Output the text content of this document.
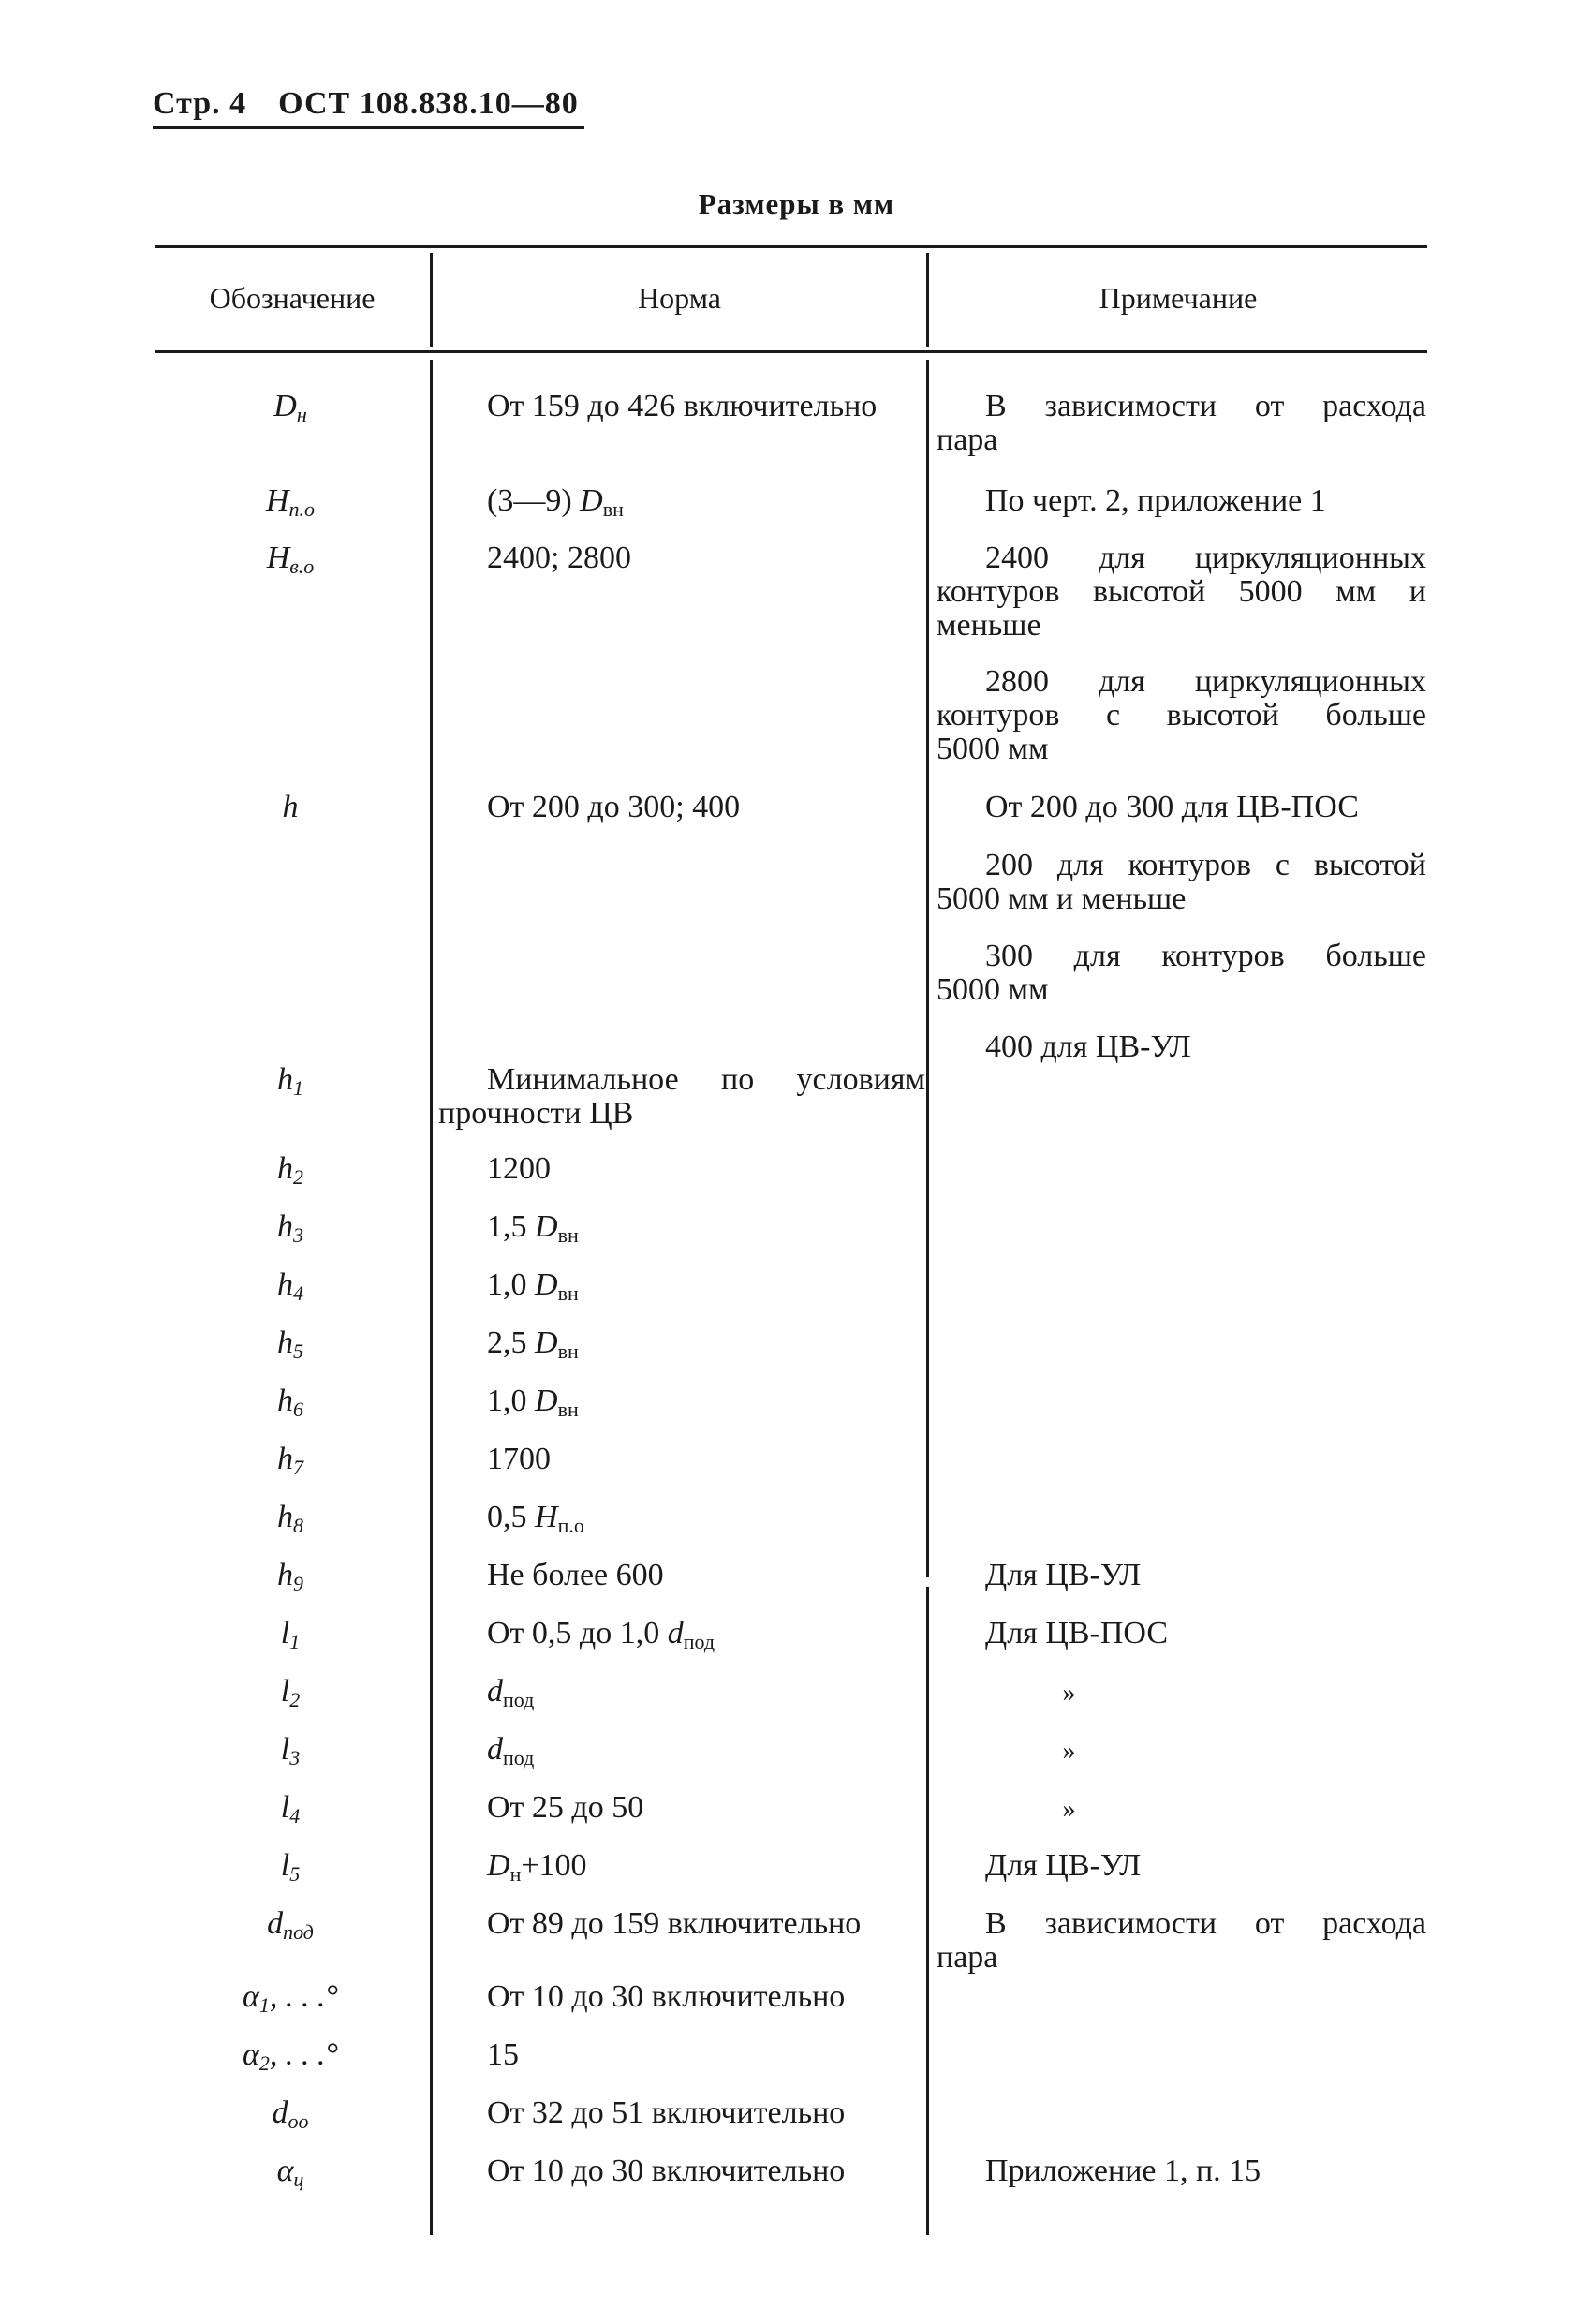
Стр. 4 ОСТ 108.838.10—80
Размеры в мм
Обозначение	Норма	Примечание
$D_н$	От 159 до 426 включительно	В зависимости от расхода
пара
$H_{п.о}$	(3—9) $D_{вн}$	По черт. 2, приложение 1
$H_{в.о}$	2400; 2800	2400 для циркуляционных
контуров высотой 5000 мм и
меньше
2800 для циркуляционных
контуров с высотой больше
5000 мм
h	От 200 до 300; 400	От 200 до 300 для ЦВ-ПОС
200 для контуров с высотой
5000 мм и меньше
300 для контуров больше
5000 мм
400 для ЦВ-УЛ
$h_1$	Минимальное по условиям
прочности ЦВ
$h_2$	1200
$h_3$	1,5 $D_{вн}$
$h_4$	1,0 $D_{вн}$
$h_5$	2,5 $D_{вн}$
$h_6$	1,0 $D_{вн}$
$h_7$	1700
$h_8$	0,5 $H_{п.о}$
$h_9$	Не более 600	Для ЦВ-УЛ
$l_1$	От 0,5 до 1,0 $d_{под}$	Для ЦВ-ПОС
$l_2$	$d_{под}$	»
$l_3$	$d_{под}$	»
$l_4$	От 25 до 50	»
$l_5$	$D_н+100$	Для ЦВ-УЛ
$d_{под}$	От 89 до 159 включительно	В зависимости от расхода
пара
$\alpha_1$, . . .°	От 10 до 30 включительно
$\alpha_2$, . . .°	15
$d_{оо}$	От 32 до 51 включительно
$\alpha_ц$	От 10 до 30 включительно	Приложение 1, п. 15
